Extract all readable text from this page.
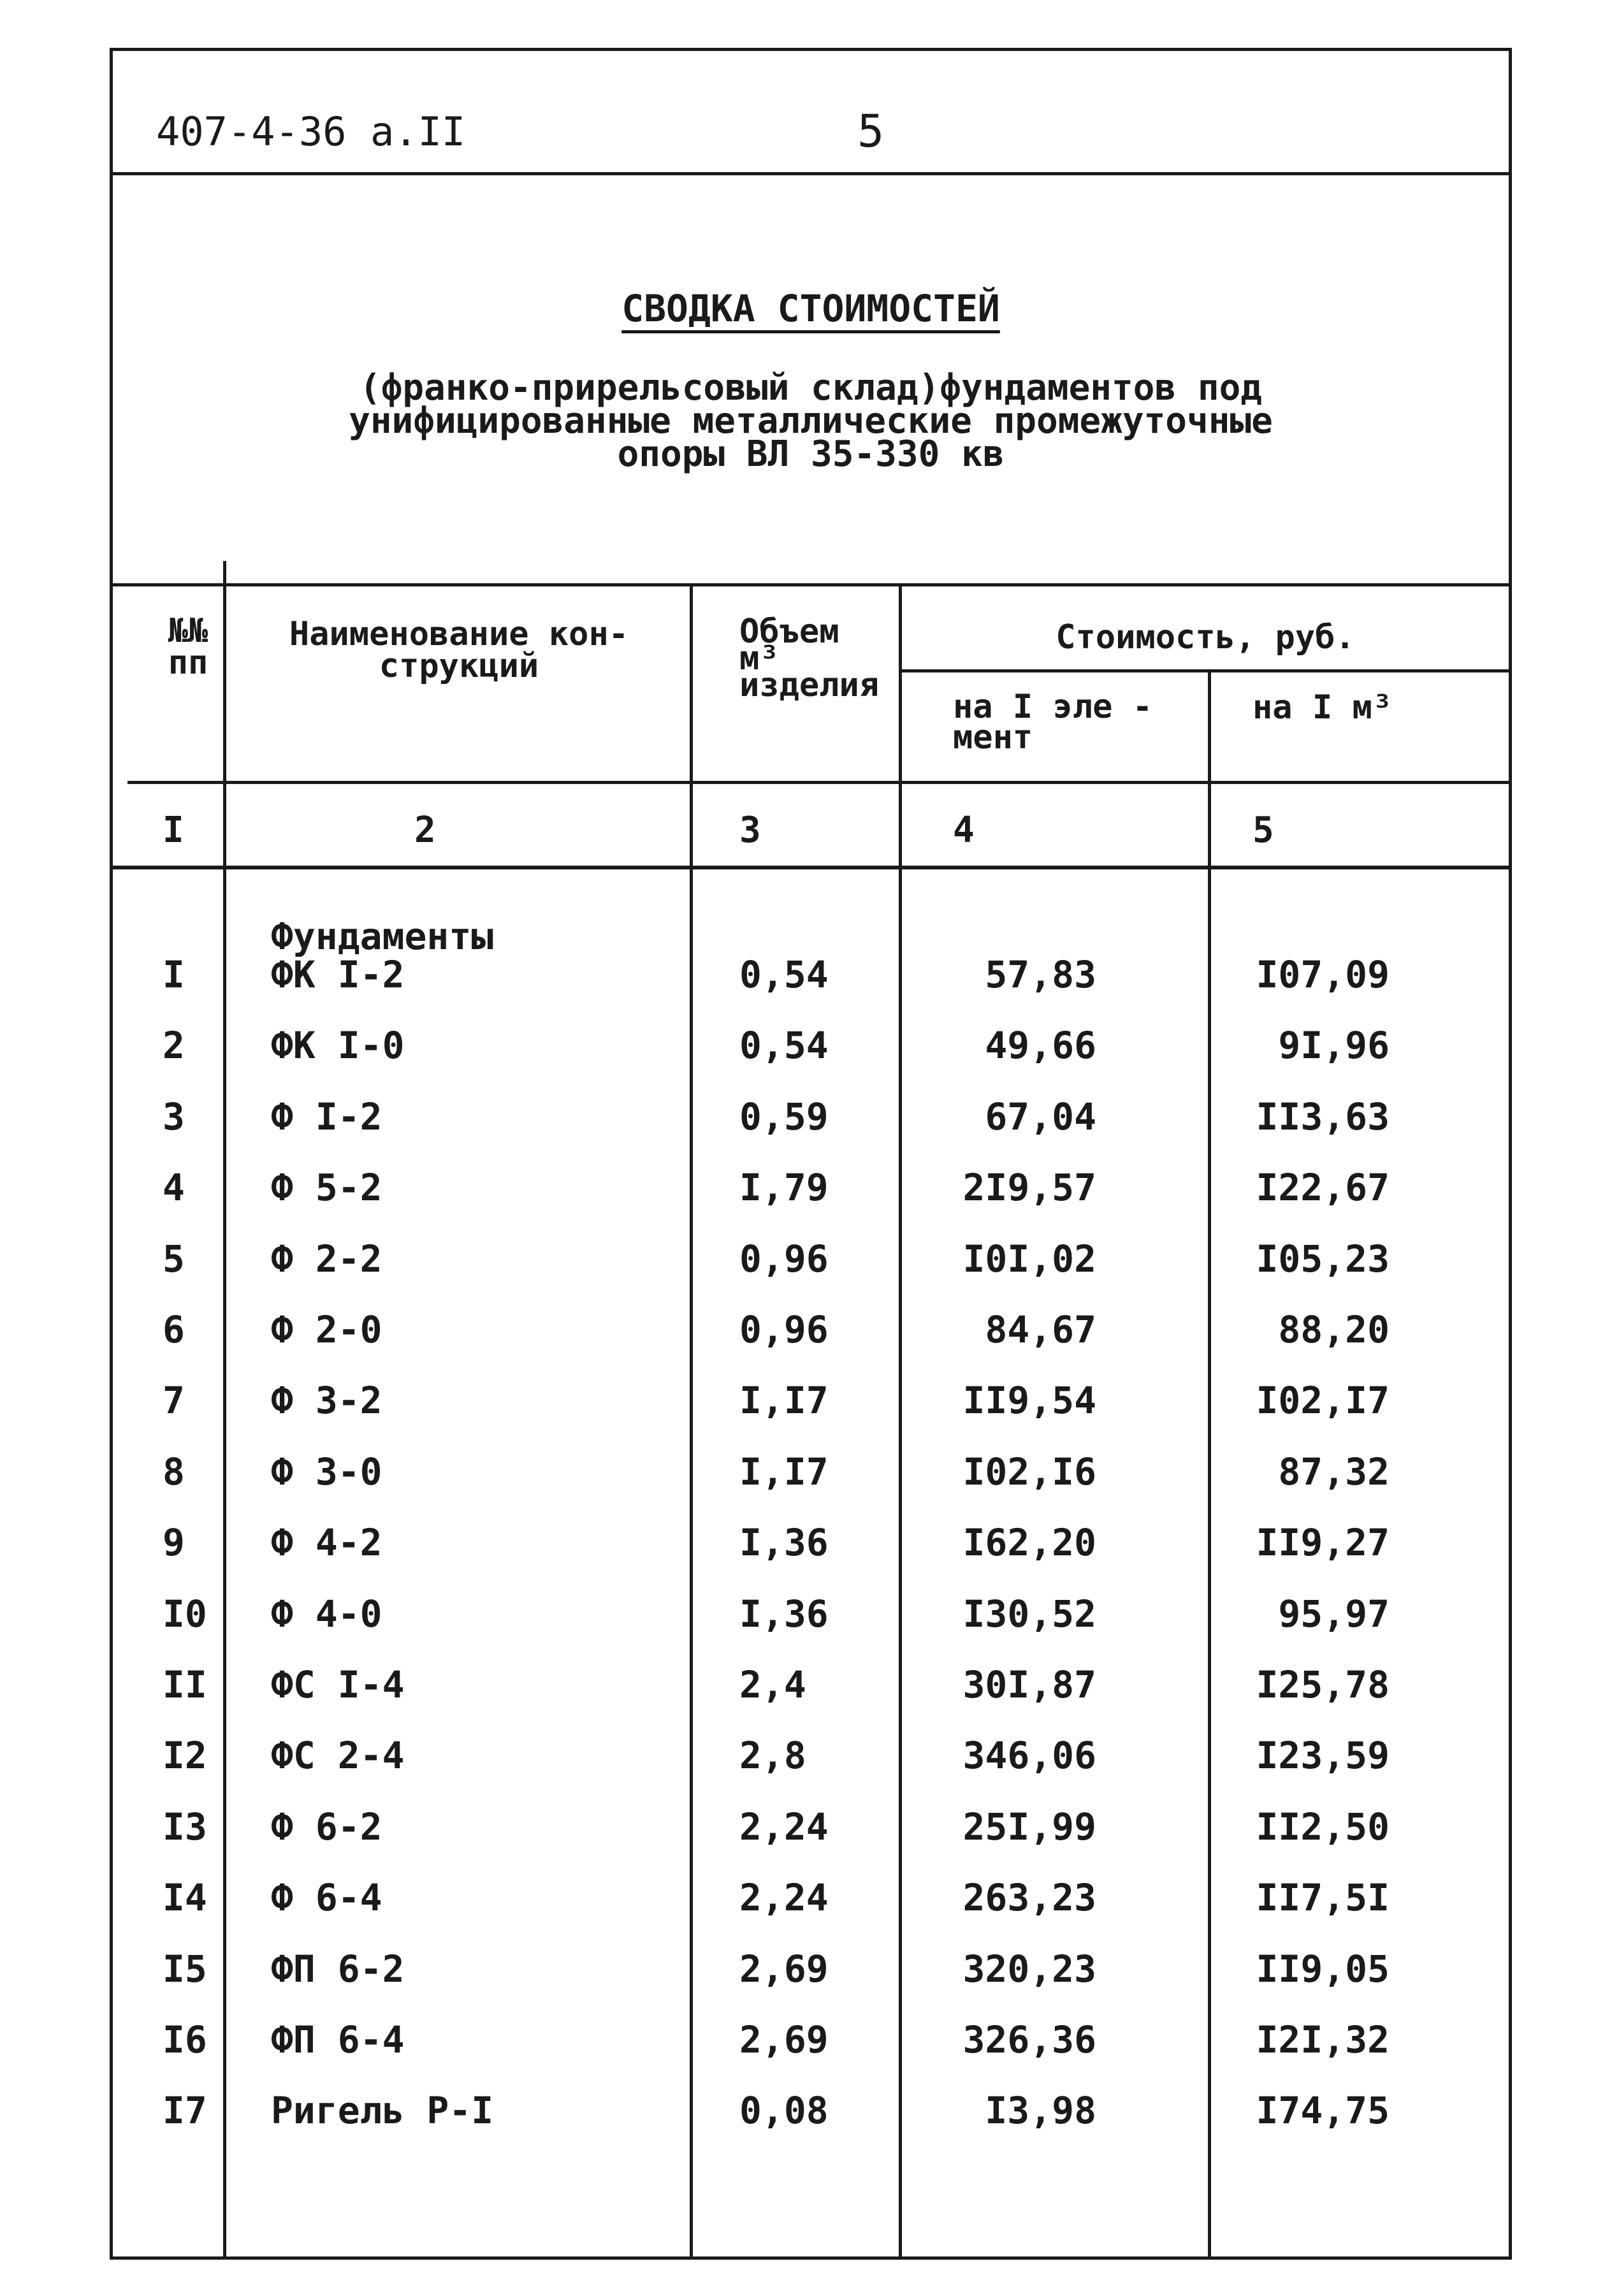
407-4-36 а.II	5
СВОДКА СТОИМОСТЕЙ
(франко-прирельсовый склад)фундаментов под
унифицированные металлические промежуточные
опоры ВЛ 35-330 кв
№№
пп
Наименование кон-
струкций
Объем
м³
изделия
Стоимость, руб.
на I эле -
мент
на I м³
I	2	3	4	5
Фундаменты
I	ФК I-2	0,54	57,83	I07,09
2	ФК I-0	0,54	49,66	9I,96
3	Ф I-2	0,59	67,04	II3,63
4	Ф 5-2	I,79	2I9,57	I22,67
5	Ф 2-2	0,96	I0I,02	I05,23
6	Ф 2-0	0,96	84,67	88,20
7	Ф 3-2	I,I7	II9,54	I02,I7
8	Ф 3-0	I,I7	I02,I6	87,32
9	Ф 4-2	I,36	I62,20	II9,27
I0	Ф 4-0	I,36	I30,52	95,97
II	ФС I-4	2,4	30I,87	I25,78
I2	ФС 2-4	2,8	346,06	I23,59
I3	Ф 6-2	2,24	25I,99	II2,50
I4	Ф 6-4	2,24	263,23	II7,5I
I5	ФП 6-2	2,69	320,23	II9,05
I6	ФП 6-4	2,69	326,36	I2I,32
I7	Ригель Р-I	0,08	I3,98	I74,75
